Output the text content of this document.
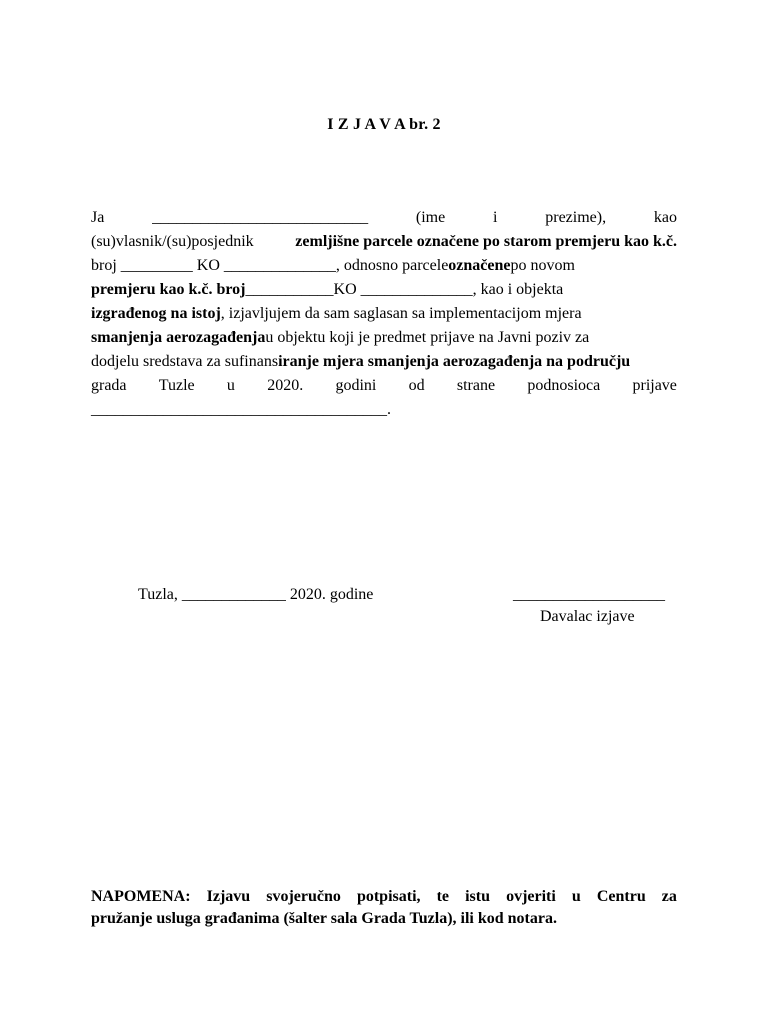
I Z J A V A br. 2
Ja	___________________________	(ime	i	prezime),	kao
(su)vlasnik/(su)posjednik	zemljišne parcele označene po starom premjeru kao k.č.
broj _________ KO ______________, odnosno parcele označene po novom
premjeru kao k.č. broj ___________KO ______________, kao i objekta
izgrađenog na istoj , izjavljujem da sam saglasan sa implementacijom mjera
smanjenja aerozagađenja u objektu koji je predmet prijave na Javni poziv za
dodjelu sredstava za sufinans iranje mjera smanjenja aerozagađenja na području
grada Tuzle u 2020. godini od strane podnosioca prijave
_____________________________________.
Tuzla, _____________ 2020. godine	___________________
Davalac izjave
NAPOMENA: Izjavu svojeručno potpisati, te istu ovjeriti u Centru za
pružanje usluga građanima (šalter sala Grada Tuzla), ili kod notara.
